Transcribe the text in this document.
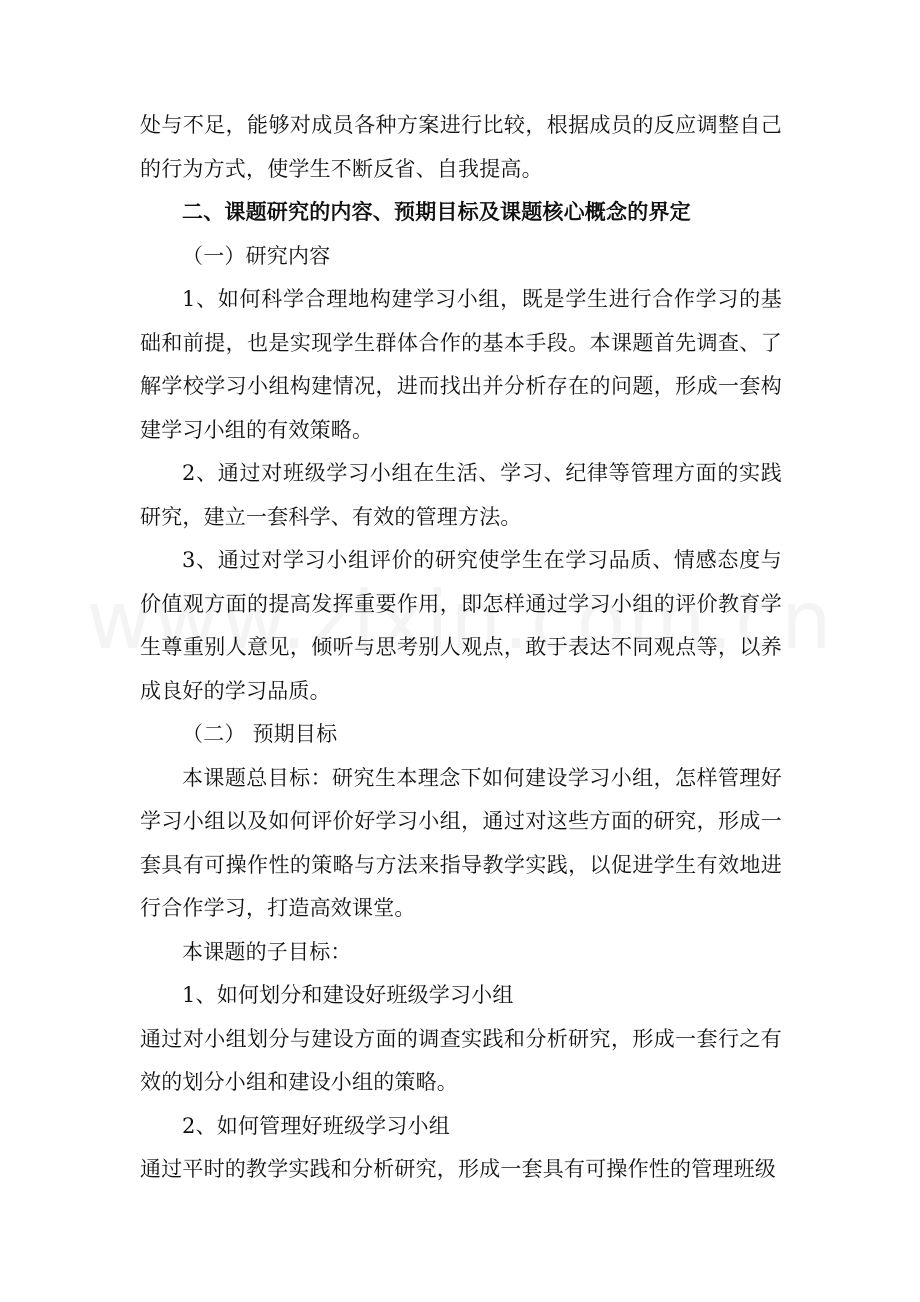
处与不足，能够对成员各种方案进行比较，根据成员的反应调整自己的行为方式，使学生不断反省、自我提高。

二、课题研究的内容、预期目标及课题核心概念的界定

（一）研究内容

1、如何科学合理地构建学习小组，既是学生进行合作学习的基础和前提，也是实现学生群体合作的基本手段。本课题首先调查、了解学校学习小组构建情况，进而找出并分析存在的问题，形成一套构建学习小组的有效策略。

2、通过对班级学习小组在生活、学习、纪律等管理方面的实践研究，建立一套科学、有效的管理方法。

3、通过对学习小组评价的研究使学生在学习品质、情感态度与价值观方面的提高发挥重要作用，即怎样通过学习小组的评价教育学生尊重别人意见，倾听与思考别人观点，敢于表达不同观点等，以养成良好的学习品质。

（二） 预期目标

本课题总目标：研究生本理念下如何建设学习小组，怎样管理好学习小组以及如何评价好学习小组，通过对这些方面的研究，形成一套具有可操作性的策略与方法来指导教学实践，以促进学生有效地进行合作学习，打造高效课堂。

本课题的子目标：

1、如何划分和建设好班级学习小组

通过对小组划分与建设方面的调查实践和分析研究，形成一套行之有效的划分小组和建设小组的策略。

2、如何管理好班级学习小组

通过平时的教学实践和分析研究，形成一套具有可操作性的管理班级
